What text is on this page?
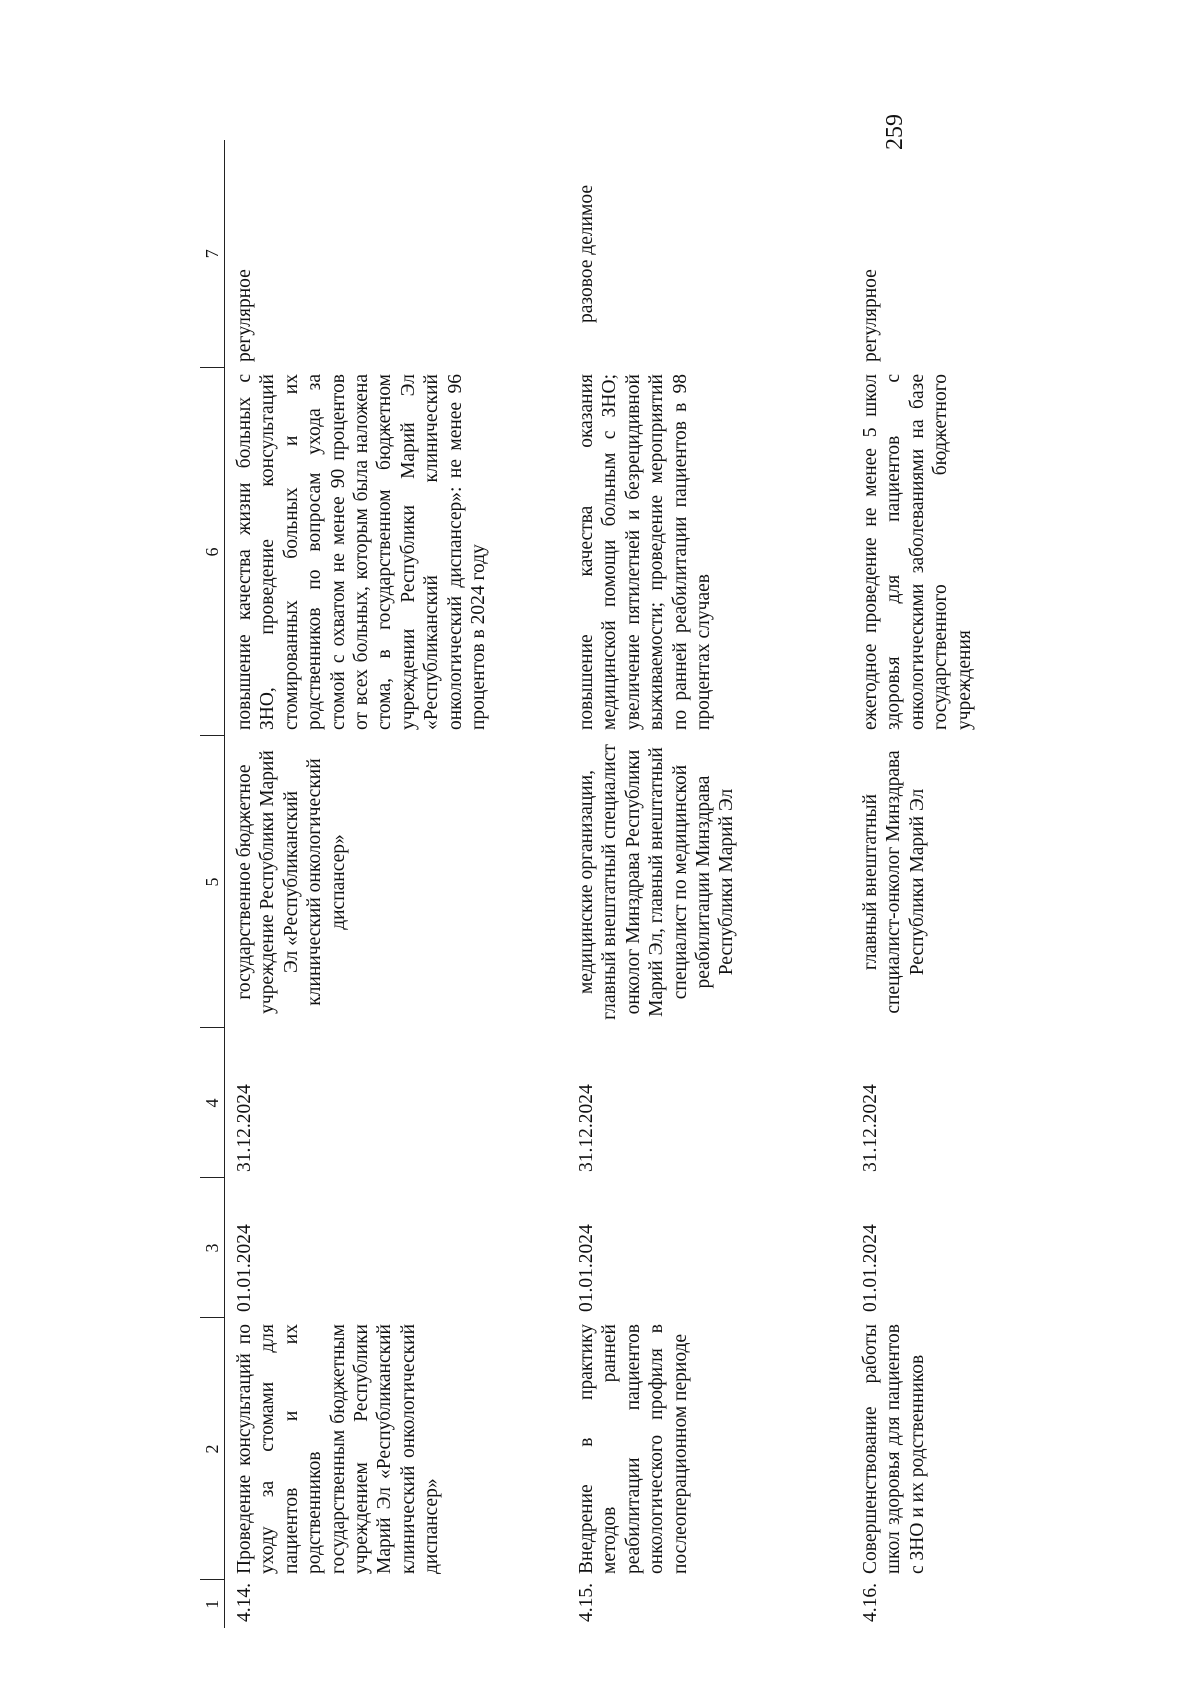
259
1	2	3	4	5	6	7
4.14.	Проведение консультаций по уходу за стомами для пациентов и их родственников государственным бюджетным учреждением Республики Марий Эл «Республиканский клинический онкологический диспансер»	01.01.2024	31.12.2024	государственное бюджетное учреждение Республики Марий Эл «Республиканский клинический онкологический диспансер»	повышение качества жизни больных с ЗНО, проведение консультаций стомированных больных и их родственников по вопросам ухода за стомой с охватом не менее 90 процентов от всех больных, которым была наложена стома, в государственном бюджетном учреждении Республики Марий Эл «Республиканский клинический онкологический диспансер»: не менее 96 процентов в 2024 году	регулярное
4.15.	Внедрение в практику методов ранней реабилитации пациентов онкологического профиля в послеоперационном периоде	01.01.2024	31.12.2024	медицинские организации, главный внештатный специалист онколог Минздрава Республики Марий Эл, главный внештатный специалист по медицинской реабилитации Минздрава Республики Марий Эл	повышение качества оказания медицинской помощи больным с ЗНО; увеличение пятилетней и безрецидивной выживаемости; проведение мероприятий по ранней реабилитации пациентов в 98 процентах случаев	разовое делимое
4.16.	Совершенствование работы школ здоровья для пациентов с ЗНО и их родственников	01.01.2024	31.12.2024	главный внештатный специалист-онколог Минздрава Республики Марий Эл	ежегодное проведение не менее 5 школ здоровья для пациентов с онкологическими заболеваниями на базе государственного бюджетного учреждения	регулярное
